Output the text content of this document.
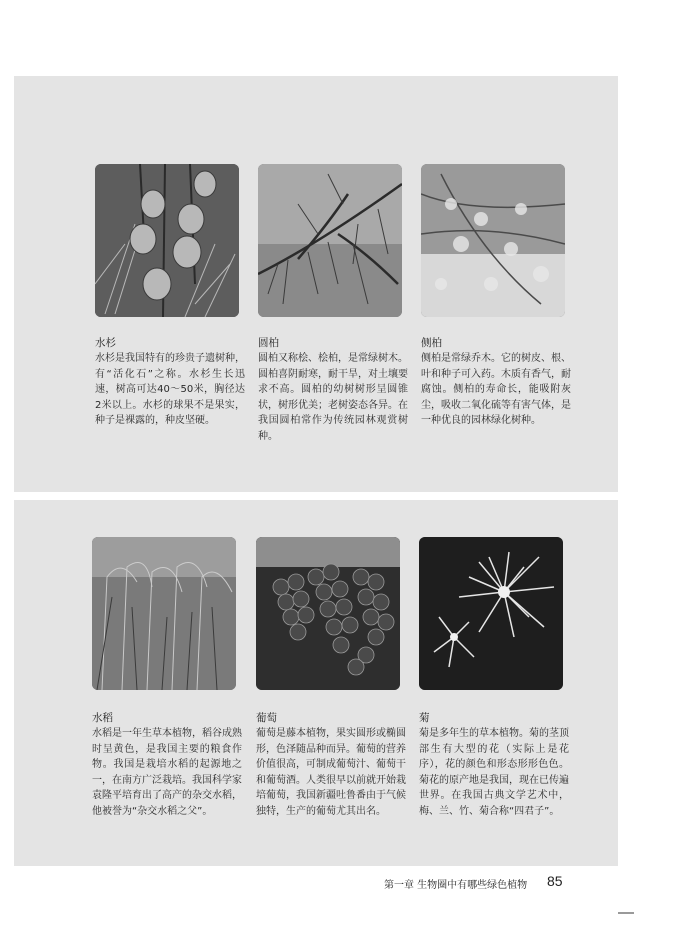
水杉
水杉是我国特有的珍贵子遗树种，有“活化石”之称。水杉生长迅速，树高可达40～50米，胸径达2米以上。水杉的球果不是果实，种子是裸露的，种皮坚硬。
圆柏
圆柏又称桧、桧柏，是常绿树木。圆柏喜阴耐寒，耐干旱，对土壤要求不高。圆柏的幼树树形呈圆锥状，树形优美；老树姿态各异。在我国圆柏常作为传统园林观赏树种。
侧柏
侧柏是常绿乔木。它的树皮、根、叶和种子可入药。木质有香气，耐腐蚀。侧柏的寿命长，能吸附灰尘，吸收二氧化硫等有害气体，是一种优良的园林绿化树种。
水稻
水稻是一年生草本植物，稻谷成熟时呈黄色，是我国主要的粮食作物。我国是栽培水稻的起源地之一，在南方广泛栽培。我国科学家袁隆平培育出了高产的杂交水稻，他被誉为“杂交水稻之父”。
葡萄
葡萄是藤本植物，果实圆形或椭圆形，色泽随品种而异。葡萄的营养价值很高，可制成葡萄汁、葡萄干和葡萄酒。人类很早以前就开始栽培葡萄，我国新疆吐鲁番由于气候独特，生产的葡萄尤其出名。
菊
菊是多年生的草本植物。菊的茎顶部生有大型的花（实际上是花序），花的颜色和形态形形色色。菊花的原产地是我国，现在已传遍世界。在我国古典文学艺术中，梅、兰、竹、菊合称“四君子”。
第一章 生物圈中有哪些绿色植物 85
